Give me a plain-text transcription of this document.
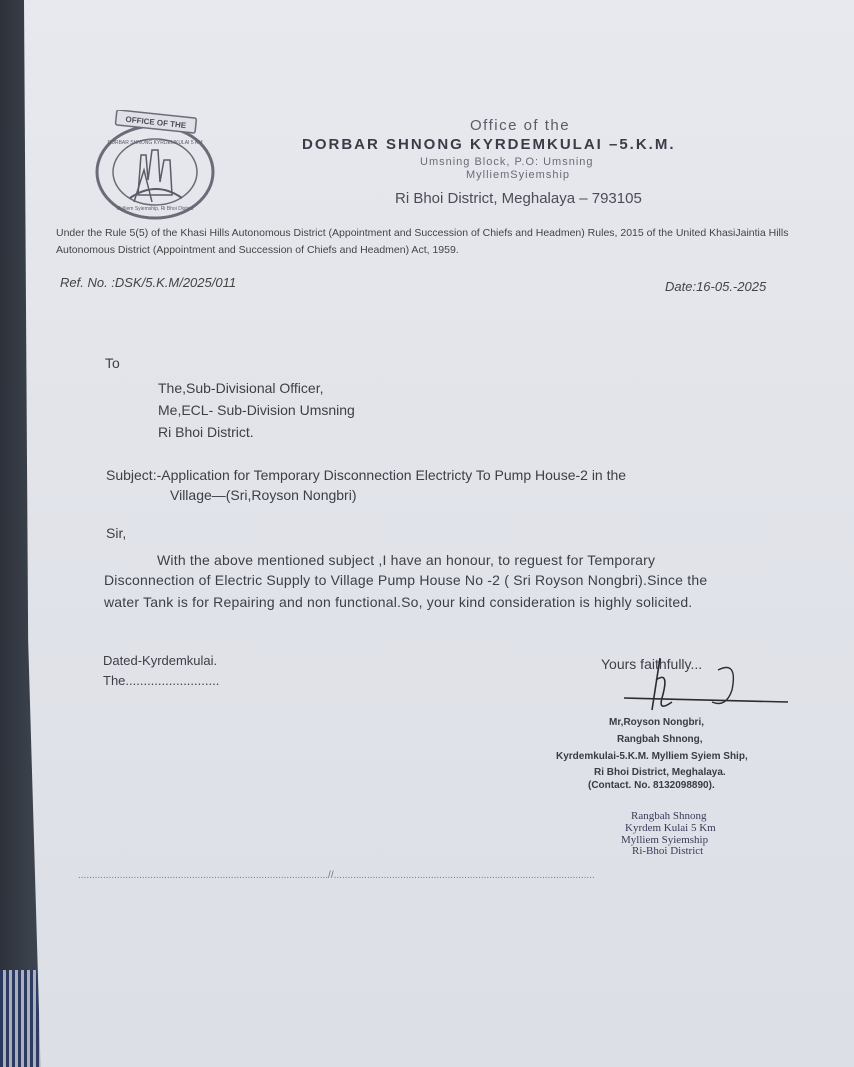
OFFICE OF THE
DORBAR SHNONG KYRDEMKULAI 5 KM
Mylliem Syiemship, Ri Bhoi District
Office of the
DORBAR SHNONG KYRDEMKULAI –5.K.M.
Umsning Block, P.O: Umsning
MylliemSyiemship
Ri Bhoi District, Meghalaya – 793105
Under the Rule 5(5) of the Khasi Hills Autonomous District (Appointment and Succession of Chiefs and Headmen) Rules, 2015 of the United KhasiJaintia Hills Autonomous District (Appointment and Succession of Chiefs and Headmen) Act, 1959.
Ref. No. :DSK/5.K.M/2025/011	Date:16-05.-2025
To
The,Sub-Divisional Officer,
Me,ECL- Sub-Division Umsning
Ri Bhoi District.
Subject:-Application for Temporary Disconnection Electricty To Pump House-2 in the
Village—(Sri,Royson Nongbri)
Sir,
With the above mentioned subject ,I have an honour, to reguest for Temporary
Disconnection of Electric Supply to Village Pump House No -2 ( Sri Royson Nongbri).Since the
water Tank is for Repairing and non functional.So, your kind consideration is highly solicited.
Dated-Kyrdemkulai.
The..........................
Yours faithfully...
Mr,Royson Nongbri,
Rangbah Shnong,
Kyrdemkulai-5.K.M. Mylliem Syiem Ship,
Ri Bhoi District, Meghalaya.
(Contact. No. 8132098890).
Rangbah Shnong
Kyrdem Kulai 5 Km
Mylliem Syiemship
Ri-Bhoi District
..........................................................................................//..............................................................................................
